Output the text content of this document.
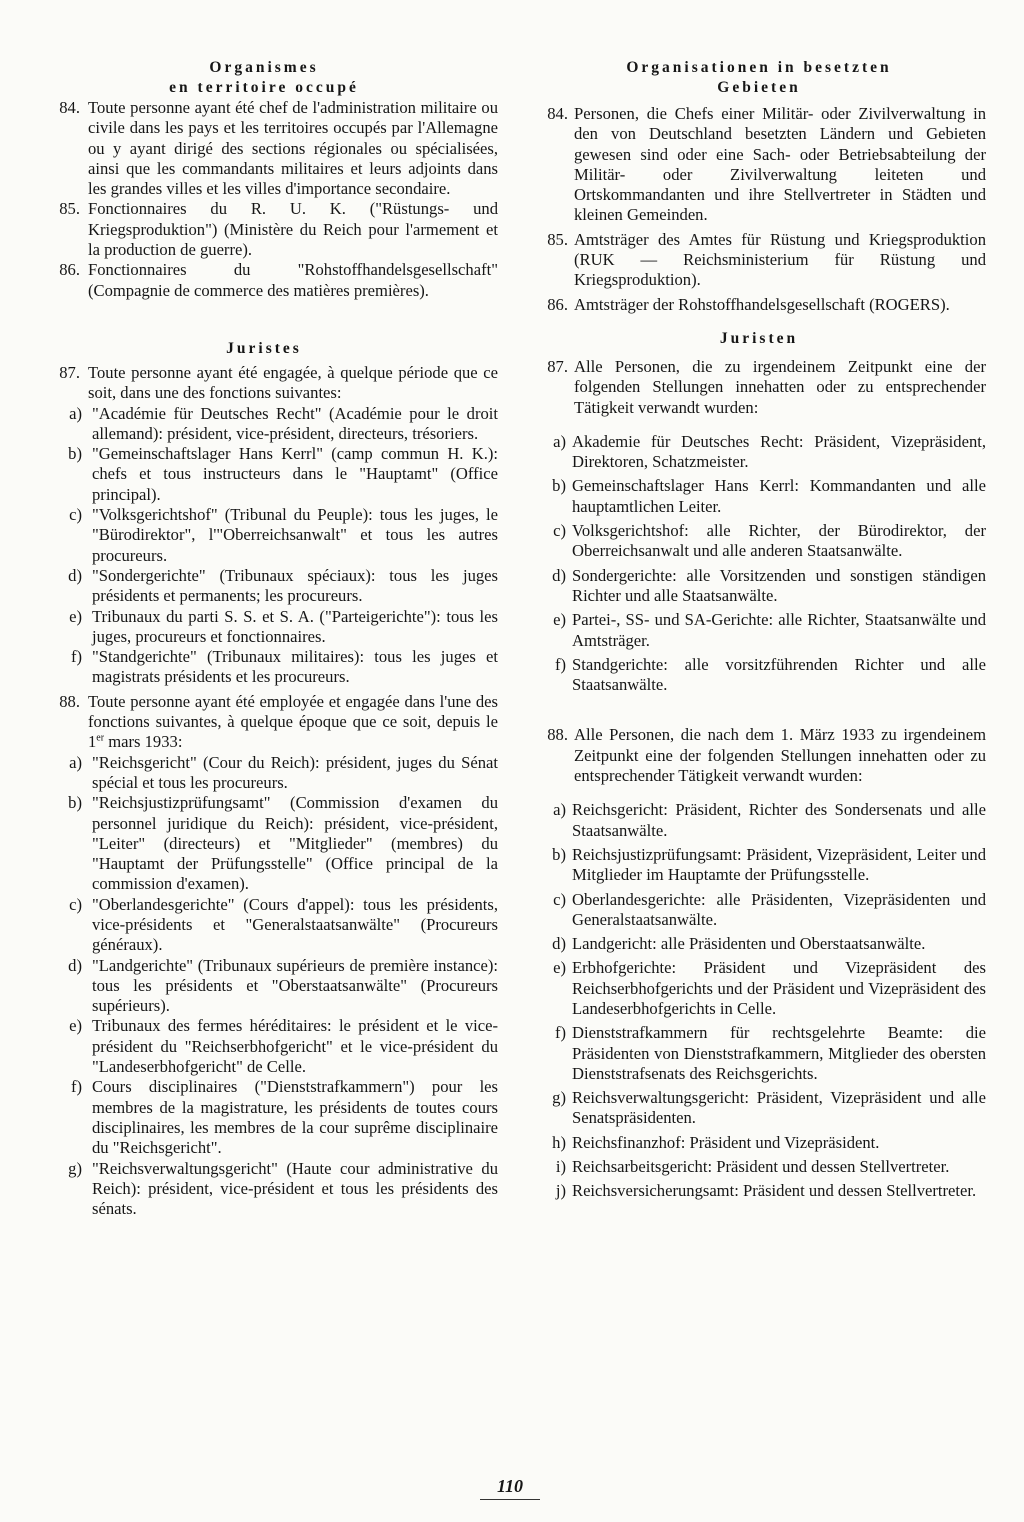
Organismes
en territoire occupé
84. Toute personne ayant été chef de l'administration militaire ou civile dans les pays et les territoires occupés par l'Allemagne ou y ayant dirigé des sections régionales ou spécialisées, ainsi que les commandants militaires et leurs adjoints dans les grandes villes et les villes d'importance secondaire.
85. Fonctionnaires du R. U. K. ("Rüstungs- und Kriegsproduktion") (Ministère du Reich pour l'armement et la production de guerre).
86. Fonctionnaires du "Rohstoffhandelsgesellschaft" (Compagnie de commerce des matières premières).
Juristes
87. Toute personne ayant été engagée, à quelque période que ce soit, dans une des fonctions suivantes:
a) "Académie für Deutsches Recht" (Académie pour le droit allemand): président, vice-président, directeurs, trésoriers.
b) "Gemeinschaftslager Hans Kerrl" (camp commun H. K.): chefs et tous instructeurs dans le "Hauptamt" (Office principal).
c) "Volksgerichtshof" (Tribunal du Peuple): tous les juges, le "Bürodirektor", l'"Oberreichsanwalt" et tous les autres procureurs.
d) "Sondergerichte" (Tribunaux spéciaux): tous les juges présidents et permanents; les procureurs.
e) Tribunaux du parti S. S. et S. A. ("Parteigerichte"): tous les juges, procureurs et fonctionnaires.
f) "Standgerichte" (Tribunaux militaires): tous les juges et magistrats présidents et les procureurs.
88. Toute personne ayant été employée et engagée dans l'une des fonctions suivantes, à quelque époque que ce soit, depuis le 1er mars 1933:
a) "Reichsgericht" (Cour du Reich): président, juges du Sénat spécial et tous les procureurs.
b) "Reichsjustizprüfungsamt" (Commission d'examen du personnel juridique du Reich): président, vice-président, "Leiter" (directeurs) et "Mitglieder" (membres) du "Hauptamt der Prüfungsstelle" (Office principal de la commission d'examen).
c) "Oberlandesgerichte" (Cours d'appel): tous les présidents, vice-présidents et "Generalstaatsanwälte" (Procureurs généraux).
d) "Landgerichte" (Tribunaux supérieurs de première instance): tous les présidents et "Oberstaatsanwälte" (Procureurs supérieurs).
e) Tribunaux des fermes héréditaires: le président et le vice-président du "Reichserbhofgericht" et le vice-président du "Landeserbhofgericht" de Celle.
f) Cours disciplinaires ("Dienststrafkammern") pour les membres de la magistrature, les présidents de toutes cours disciplinaires, les membres de la cour suprême disciplinaire du "Reichsgericht".
g) "Reichsverwaltungsgericht" (Haute cour administrative du Reich): président, vice-président et tous les présidents des sénats.
Organisationen in besetzten
Gebieten
84. Personen, die Chefs einer Militär- oder Zivilverwaltung in den von Deutschland besetzten Ländern und Gebieten gewesen sind oder eine Sach- oder Betriebsabteilung der Militär- oder Zivilverwaltung leiteten und Ortskommandanten und ihre Stellvertreter in Städten und kleinen Gemeinden.
85. Amtsträger des Amtes für Rüstung und Kriegsproduktion (RUK — Reichsministerium für Rüstung und Kriegsproduktion).
86. Amtsträger der Rohstoffhandelsgesellschaft (ROGERS).
Juristen
87. Alle Personen, die zu irgendeinem Zeitpunkt eine der folgenden Stellungen innehatten oder zu entsprechender Tätigkeit verwandt wurden:
a) Akademie für Deutsches Recht: Präsident, Vizepräsident, Direktoren, Schatzmeister.
b) Gemeinschaftslager Hans Kerrl: Kommandanten und alle hauptamtlichen Leiter.
c) Volksgerichtshof: alle Richter, der Bürodirektor, der Oberreichsanwalt und alle anderen Staatsanwälte.
d) Sondergerichte: alle Vorsitzenden und sonstigen ständigen Richter und alle Staatsanwälte.
e) Partei-, SS- und SA-Gerichte: alle Richter, Staatsanwälte und Amtsträger.
f) Standgerichte: alle vorsitzführenden Richter und alle Staatsanwälte.
88. Alle Personen, die nach dem 1. März 1933 zu irgendeinem Zeitpunkt eine der folgenden Stellungen innehatten oder zu entsprechender Tätigkeit verwandt wurden:
a) Reichsgericht: Präsident, Richter des Sondersenats und alle Staatsanwälte.
b) Reichsjustizprüfungsamt: Präsident, Vizepräsident, Leiter und Mitglieder im Hauptamte der Prüfungsstelle.
c) Oberlandesgerichte: alle Präsidenten, Vizepräsidenten und Generalstaatsanwälte.
d) Landgericht: alle Präsidenten und Oberstaatsanwälte.
e) Erbhofgerichte: Präsident und Vizepräsident des Reichserbhofgerichts und der Präsident und Vizepräsident des Landeserbhofgerichts in Celle.
f) Dienststrafkammern für rechtsgelehrte Beamte: die Präsidenten von Dienststrafkammern, Mitglieder des obersten Dienststrafsenats des Reichsgerichts.
g) Reichsverwaltungsgericht: Präsident, Vizepräsident und alle Senatspräsidenten.
h) Reichsfinanzhof: Präsident und Vizepräsident.
i) Reichsarbeitsgericht: Präsident und dessen Stellvertreter.
j) Reichsversicherungsamt: Präsident und dessen Stellvertreter.
110
